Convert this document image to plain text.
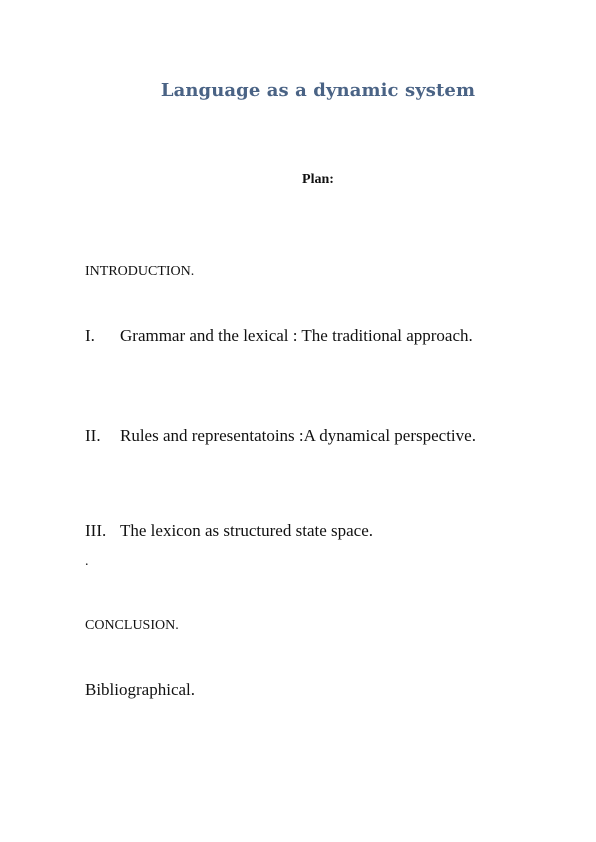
Language as a dynamic system
Plan:
INTRODUCTION.
I. Grammar and the lexical : The traditional approach.
II. Rules and representatoins :A dynamical perspective.
III. The lexicon as structured state space.
.
CONCLUSION.
Bibliographical.
